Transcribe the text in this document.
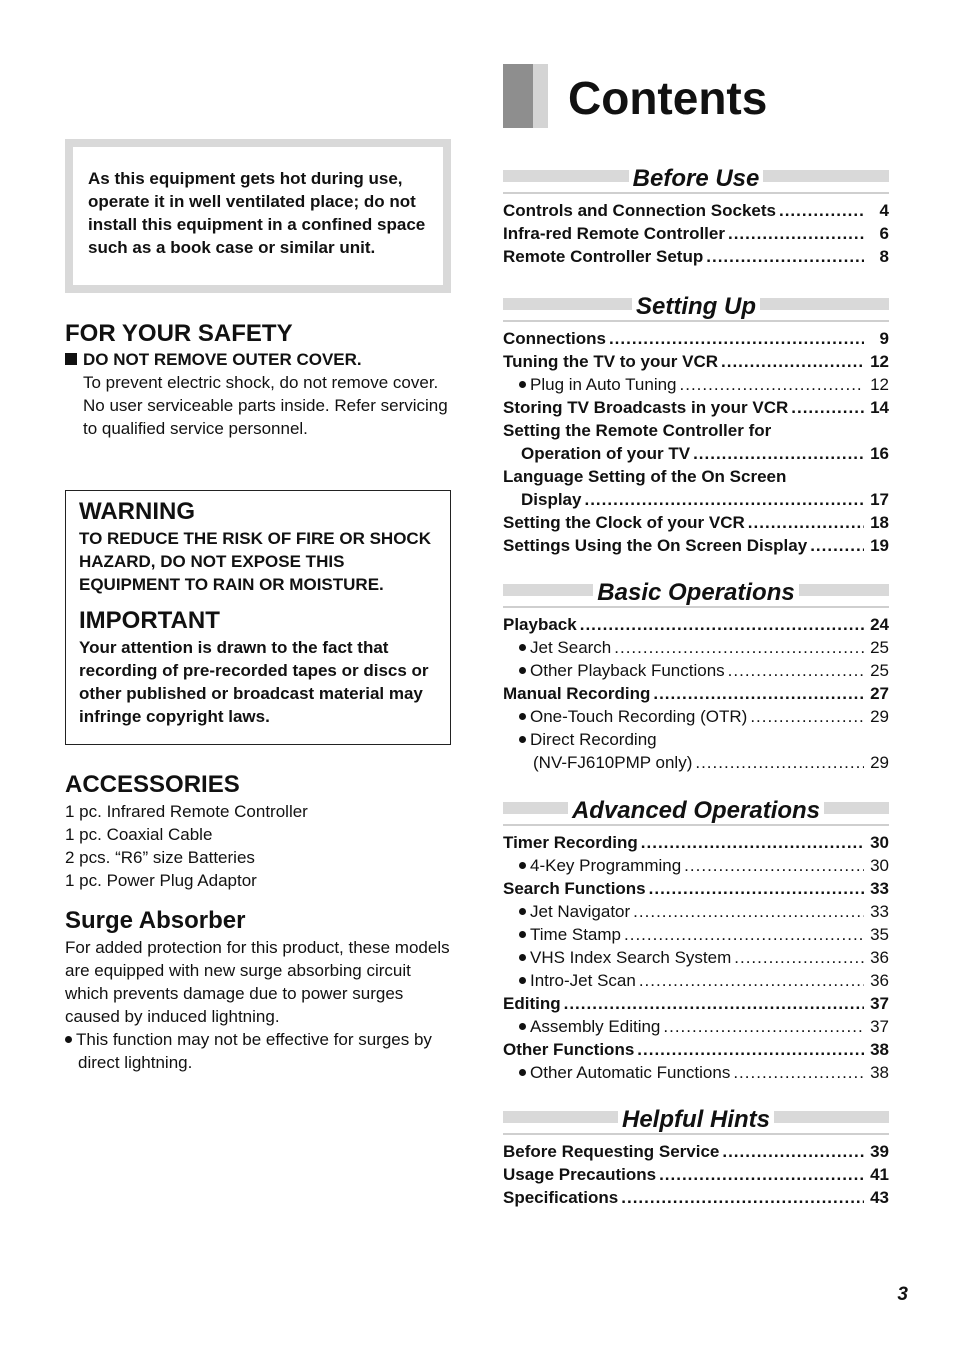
As this equipment gets hot during use, operate it in well ventilated place; do not install this equipment in a confined space such as a book case or similar unit.
FOR YOUR SAFETY
DO NOT REMOVE OUTER COVER.
To prevent electric shock, do not remove cover.
No user serviceable parts inside. Refer servicing to qualified service personnel.
WARNING

TO REDUCE THE RISK OF FIRE OR SHOCK HAZARD, DO NOT EXPOSE THIS EQUIPMENT TO RAIN OR MOISTURE.

IMPORTANT

Your attention is drawn to the fact that recording of pre-recorded tapes or discs or other published or broadcast material may infringe copyright laws.

ACCESSORIES
1 pc. Infrared Remote Controller
1 pc. Coaxial Cable
2 pcs. “R6” size Batteries
1 pc. Power Plug Adaptor
Surge Absorber
For added protection for this product, these models are equipped with new surge absorbing circuit which prevents damage due to power surges caused by induced lightning.
This function may not be effective for surges by direct lightning.
Contents
Before Use
Controls and Connection Sockets .....	4
Infra-red Remote Controller .....	6
Remote Controller Setup .....	8
Setting Up
Connections .....	9
Tuning the TV to your VCR .....	12
Plug in Auto Tuning .....	12
Storing TV Broadcasts in your VCR .....	14
Setting the Remote Controller for
Operation of your TV .....	16
Language Setting of the On Screen
Display .....	17
Setting the Clock of your VCR .....	18
Settings Using the On Screen Display .....	19
Basic Operations
Playback .....	24
Jet Search .....	25
Other Playback Functions .....	25
Manual Recording .....	27
One-Touch Recording (OTR) .....	29
Direct Recording
(NV-FJ610PMP only) .....	29
Advanced Operations
Timer Recording .....	30
4-Key Programming .....	30
Search Functions .....	33
Jet Navigator .....	33
Time Stamp .....	35
VHS Index Search System .....	36
Intro-Jet Scan .....	36
Editing .....	37
Assembly Editing .....	37
Other Functions .....	38
Other Automatic Functions .....	38
Helpful Hints
Before Requesting Service .....	39
Usage Precautions .....	41
Specifications .....	43
3
